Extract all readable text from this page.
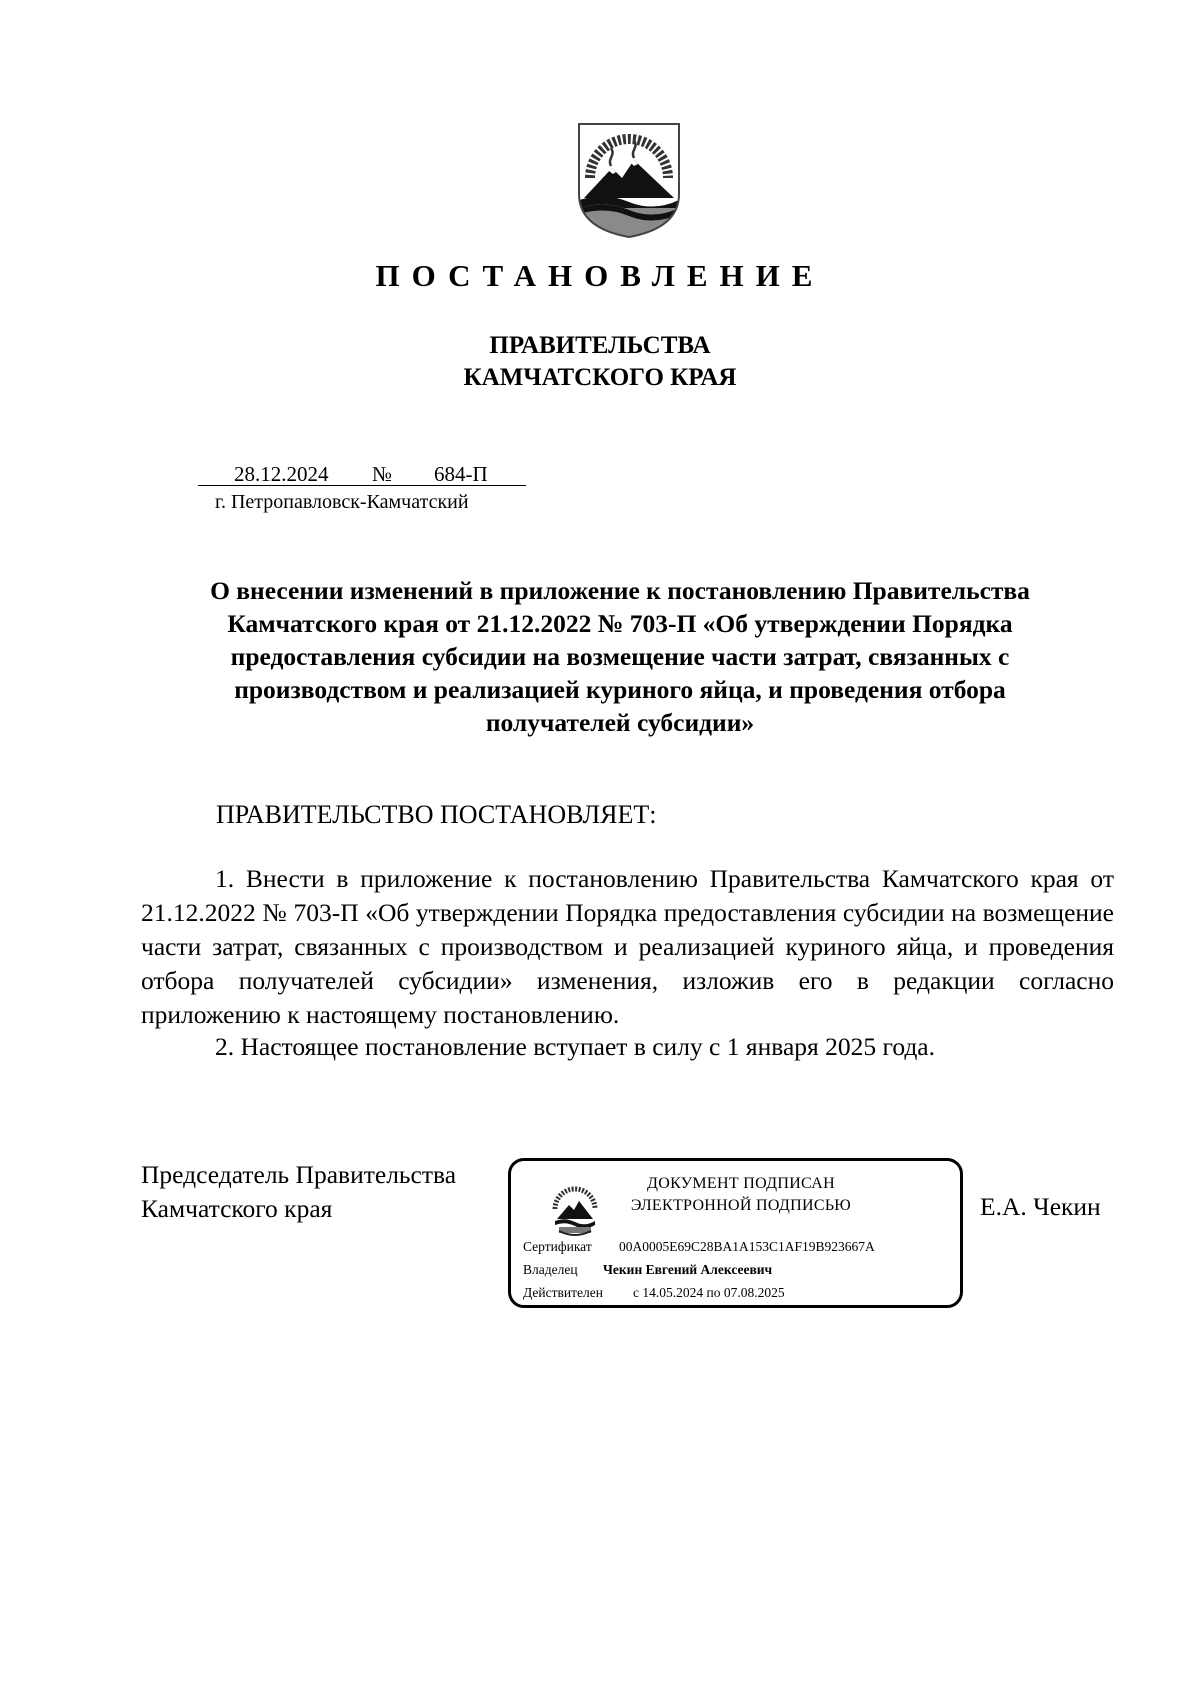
ПОСТАНОВЛЕНИЕ
ПРАВИТЕЛЬСТВА
КАМЧАТСКОГО КРАЯ
28.12.2024 № 684-П
г. Петропавловск-Камчатский
О внесении изменений в приложение к постановлению Правительства Камчатского края от 21.12.2022 № 703-П «Об утверждении Порядка предоставления субсидии на возмещение части затрат, связанных с производством и реализацией куриного яйца, и проведения отбора получателей субсидии»
ПРАВИТЕЛЬСТВО ПОСТАНОВЛЯЕТ:

1. Внести в приложение к постановлению Правительства Камчатского края от 21.12.2022 № 703-П «Об утверждении Порядка предоставления субсидии на возмещение части затрат, связанных с производством и реализацией куриного яйца, и проведения отбора получателей субсидии» изменения, изложив его в редакции согласно приложению к настоящему постановлению.

2. Настоящее постановление вступает в силу с 1 января 2025 года.

Председатель Правительства
Камчатского края
ДОКУМЕНТ ПОДПИСАН
ЭЛЕКТРОННОЙ ПОДПИСЬЮ
Сертификат 00A0005E69C28BA1A153C1AF19B923667A
Владелец Чекин Евгений Алексеевич
Действителен с 14.05.2024 по 07.08.2025
Е.А. Чекин
